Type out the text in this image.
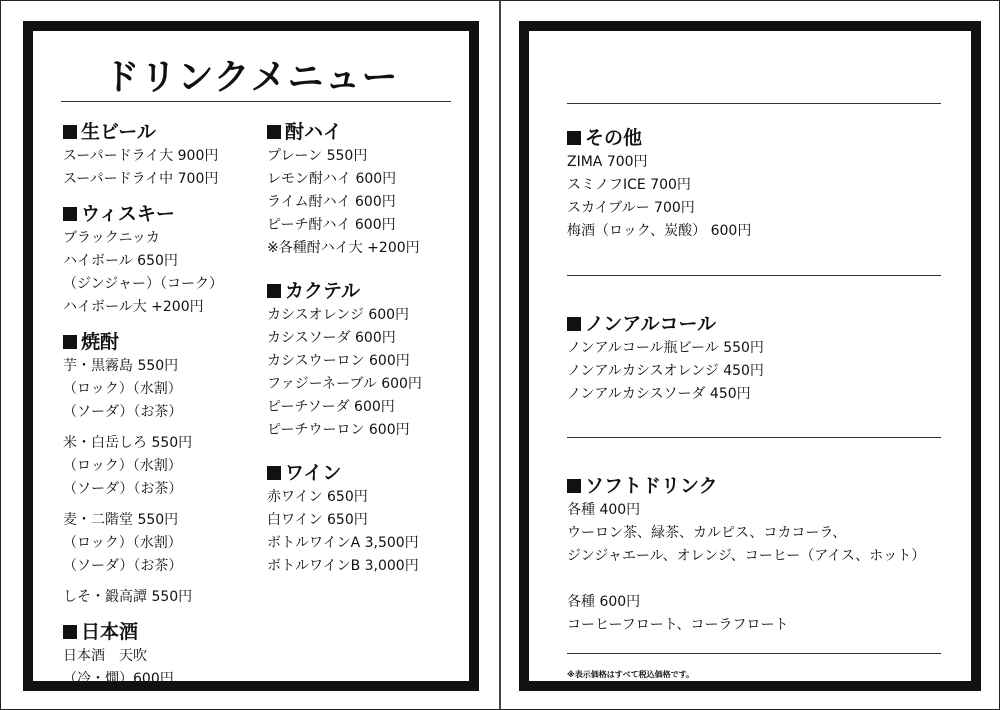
ドリンクメニュー
生ビール
スーパードライ大 900円
スーパードライ中 700円
ウィスキー
ブラックニッカ
ハイボール 650円
（ジンジャー）（コーク）
ハイボール大 +200円
焼酎
芋・黒霧島 550円
（ロック）（水割）
（ソーダ）（お茶）
米・白岳しろ 550円
（ロック）（水割）
（ソーダ）（お茶）
麦・二階堂 550円
（ロック）（水割）
（ソーダ）（お茶）
しそ・鍛高譚 550円
日本酒
日本酒　天吹
（冷・燗）600円
酎ハイ
プレーン 550円
レモン酎ハイ 600円
ライム酎ハイ 600円
ピーチ酎ハイ 600円
※各種酎ハイ大 +200円
カクテル
カシスオレンジ 600円
カシスソーダ 600円
カシスウーロン 600円
ファジーネーブル 600円
ピーチソーダ 600円
ピーチウーロン 600円
ワイン
赤ワイン 650円
白ワイン 650円
ボトルワインA 3,500円
ボトルワインB 3,000円
その他
ZIMA 700円
スミノフICE 700円
スカイブルー 700円
梅酒（ロック、炭酸） 600円
ノンアルコール
ノンアルコール瓶ビール 550円
ノンアルカシスオレンジ 450円
ノンアルカシスソーダ 450円
ソフトドリンク
各種 400円
ウーロン茶、緑茶、カルピス、コカコーラ、
ジンジャエール、オレンジ、コーヒー（アイス、ホット）
各種 600円
コーヒーフロート、コーラフロート
※表示価格はすべて税込価格です。
